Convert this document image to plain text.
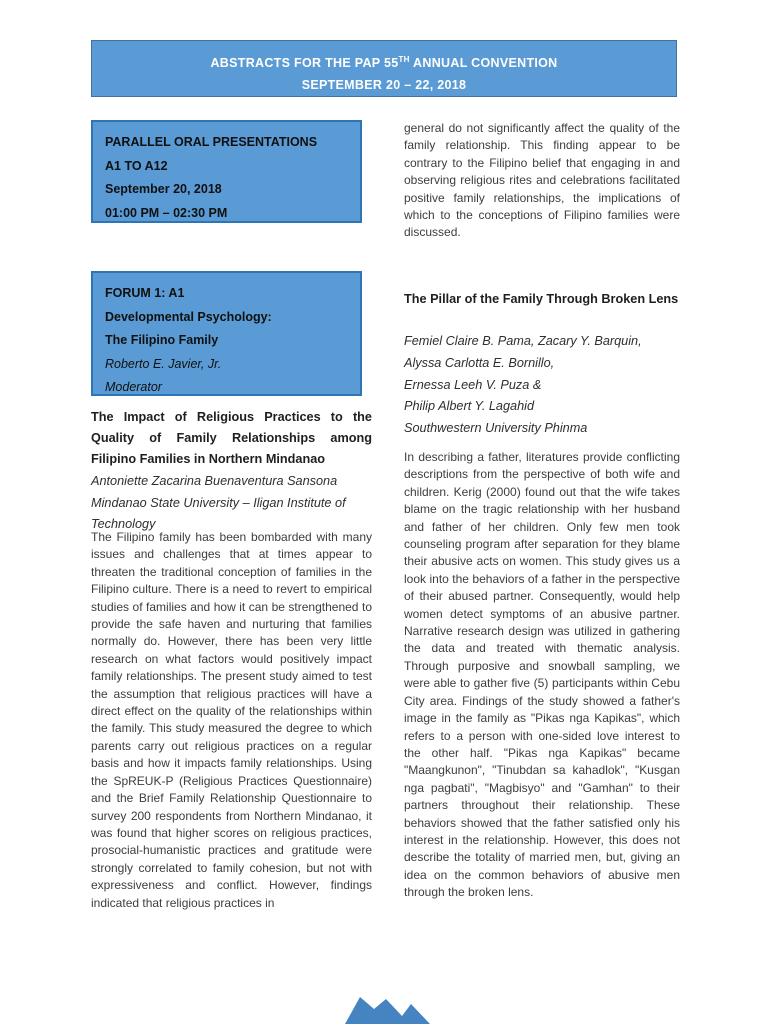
ABSTRACTS FOR THE PAP 55TH ANNUAL CONVENTION
SEPTEMBER 20 – 22, 2018
PARALLEL ORAL PRESENTATIONS
A1 TO A12
September 20, 2018
01:00 PM – 02:30 PM
FORUM 1: A1
Developmental Psychology:
The Filipino Family
Roberto E. Javier, Jr.
Moderator
The Impact of Religious Practices to the Quality of Family Relationships among Filipino Families in Northern Mindanao
Antoniette Zacarina Buenaventura Sansona
Mindanao State University – Iligan Institute of Technology
The Filipino family has been bombarded with many issues and challenges that at times appear to threaten the traditional conception of families in the Filipino culture. There is a need to revert to empirical studies of families and how it can be strengthened to provide the safe haven and nurturing that families normally do. However, there has been very little research on what factors would positively impact family relationships. The present study aimed to test the assumption that religious practices will have a direct effect on the quality of the relationships within the family. This study measured the degree to which parents carry out religious practices on a regular basis and how it impacts family relationships. Using the SpREUK-P (Religious Practices Questionnaire) and the Brief Family Relationship Questionnaire to survey 200 respondents from Northern Mindanao, it was found that higher scores on religious practices, prosocial-humanistic practices and gratitude were strongly correlated to family cohesion, but not with expressiveness and conflict. However, findings indicated that religious practices in
general do not significantly affect the quality of the family relationship. This finding appear to be contrary to the Filipino belief that engaging in and observing religious rites and celebrations facilitated positive family relationships, the implications of which to the conceptions of Filipino families were discussed.
The Pillar of the Family Through Broken Lens
Femiel Claire B. Pama, Zacary Y. Barquin,
Alyssa Carlotta E. Bornillo,
Ernessa Leeh V. Puza &
Philip Albert Y. Lagahid
Southwestern University Phinma
In describing a father, literatures provide conflicting descriptions from the perspective of both wife and children. Kerig (2000) found out that the wife takes blame on the tragic relationship with her husband and father of her children. Only few men took counseling program after separation for they blame their abusive acts on women. This study gives us a look into the behaviors of a father in the perspective of their abused partner. Consequently, would help women detect symptoms of an abusive partner. Narrative research design was utilized in gathering the data and treated with thematic analysis. Through purposive and snowball sampling, we were able to gather five (5) participants within Cebu City area. Findings of the study showed a father's image in the family as "Pikas nga Kapikas", which refers to a person with one-sided love interest to the other half. "Pikas nga Kapikas" became "Maangkunon", "Tinubdan sa kahadlok", "Kusgan nga pagbati", "Magbisyo" and "Gamhan" to their partners throughout their relationship. These behaviors showed that the father satisfied only his interest in the relationship. However, this does not describe the totality of married men, but, giving an idea on the common behaviors of abusive men through the broken lens.
